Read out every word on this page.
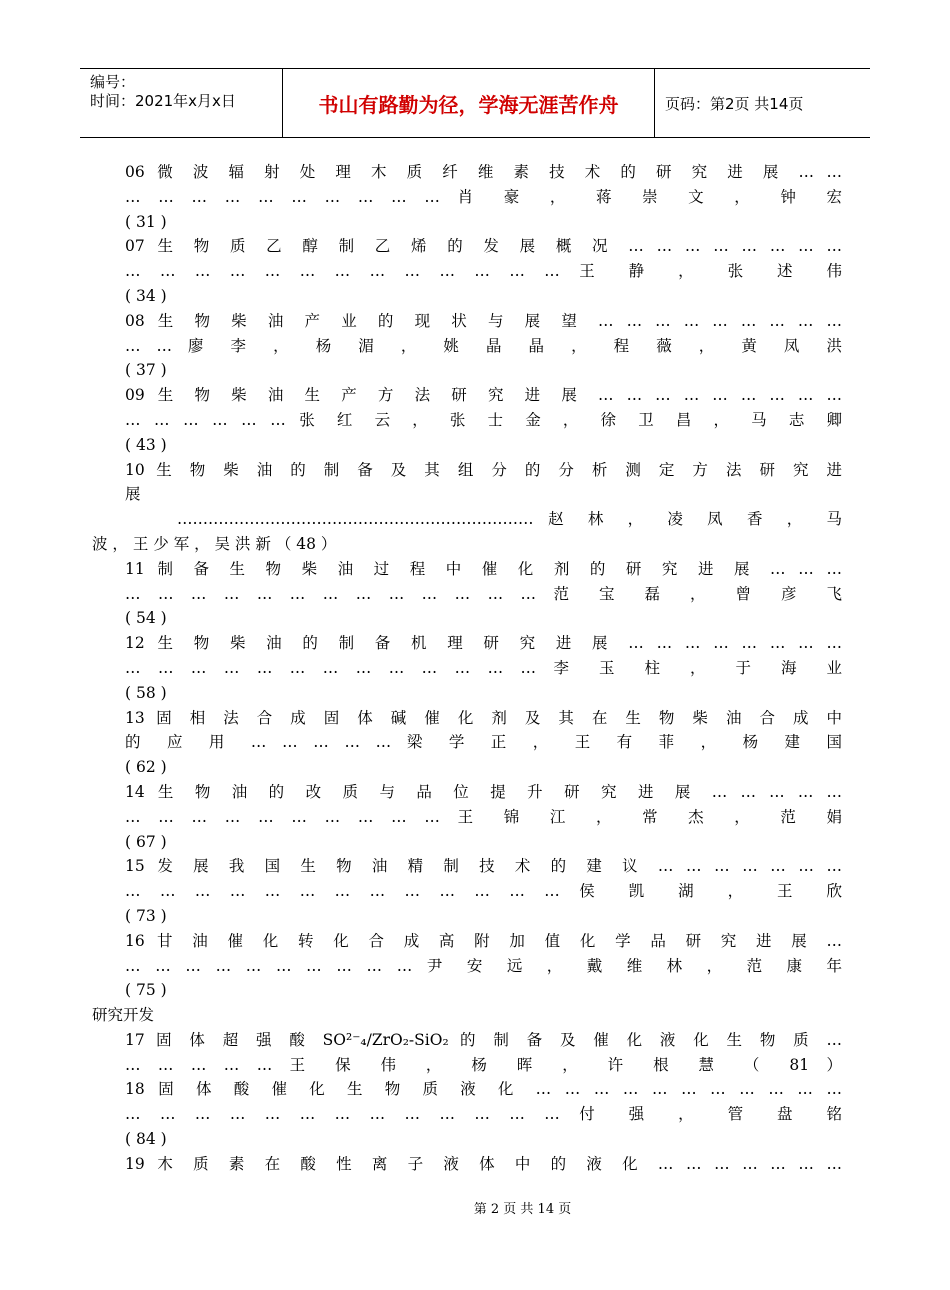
编号：
时间：2021年x月x日	书山有路勤为径，学海无涯苦作舟	页码：第2页 共14页
06 微 波 辐 射 处 理 木 质 纤 维 素 技 术 的 研 究 进 展 … …
… … … … … … … … … … 肖 豪 ， 蒋 崇 文 ， 钟 宏
( 31 )
07 生 物 质 乙 醇 制 乙 烯 的 发 展 概 况 … … … … … … … …
… … … … … … … … … … … … … 王 静 ， 张 述 伟
( 34 )
08 生 物 柴 油 产 业 的 现 状 与 展 望 … … … … … … … … …
… … 廖 李 ， 杨 湄 ， 姚 晶 晶 ， 程 薇 ， 黄 凤 洪
( 37 )
09 生 物 柴 油 生 产 方 法 研 究 进 展 … … … … … … … … …
… … … … … … 张 红 云 ， 张 士 金 ， 徐 卫 昌 ， 马 志 卿
( 43 )
10 生 物 柴 油 的 制 备 及 其 组 分 的 分 析 测 定 方 法 研 究 进
展
…………………………………………………………… 赵 林 ， 凌 凤 香 ， 马
波 ， 王 少 军 ， 吴 洪 新 （ 48 ）
11 制 备 生 物 柴 油 过 程 中 催 化 剂 的 研 究 进 展 … … …
… … … … … … … … … … … … … 范 宝 磊 ， 曾 彦 飞
( 54 )
12 生 物 柴 油 的 制 备 机 理 研 究 进 展 … … … … … … … …
… … … … … … … … … … … … … 李 玉 柱 ， 于 海 业
( 58 )
13 固 相 法 合 成 固 体 碱 催 化 剂 及 其 在 生 物 柴 油 合 成 中
的 应 用 … … … … … 梁 学 正 ， 王 有 菲 ， 杨 建 国
( 62 )
14 生 物 油 的 改 质 与 品 位 提 升 研 究 进 展 … … … … …
… … … … … … … … … … 王 锦 江 ， 常 杰 ， 范 娟
( 67 )
15 发 展 我 国 生 物 油 精 制 技 术 的 建 议 … … … … … … …
… … … … … … … … … … … … … 侯 凯 湖 ， 王 欣
( 73 )
16 甘 油 催 化 转 化 合 成 高 附 加 值 化 学 品 研 究 进 展 …
… … … … … … … … … … 尹 安 远 ， 戴 维 林 ， 范 康 年
( 75 )
研究开发
17 固 体 超 强 酸 SO²⁻₄/ZrO₂-SiO₂ 的 制 备 及 催 化 液 化 生 物 质 …
… … … … … 王 保 伟 ， 杨 晖 ， 许 根 慧 （ 81 ）
18 固 体 酸 催 化 生 物 质 液 化 … … … … … … … … … … …
… … … … … … … … … … … … … 付 强 ， 管 盘 铭
( 84 )
19 木 质 素 在 酸 性 离 子 液 体 中 的 液 化 … … … … … … …
第 2 页 共 14 页
